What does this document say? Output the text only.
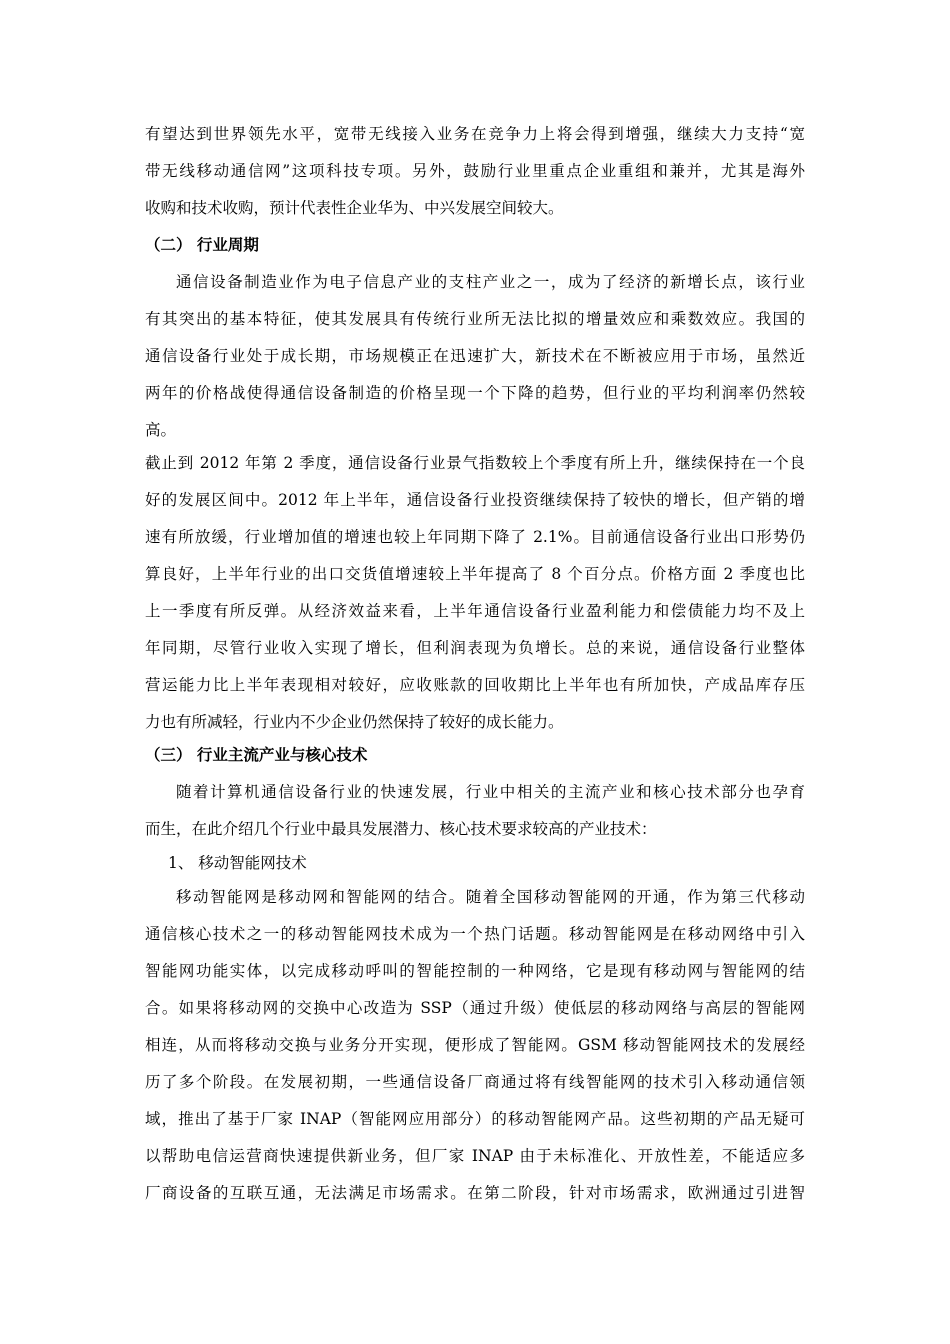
有望达到世界领先水平，宽带无线接入业务在竞争力上将会得到增强，继续大力支持“宽
带无线移动通信网”这项科技专项。另外，鼓励行业里重点企业重组和兼并，尤其是海外
收购和技术收购，预计代表性企业华为、中兴发展空间较大。
（二） 行业周期
通信设备制造业作为电子信息产业的支柱产业之一，成为了经济的新增长点，该行业
有其突出的基本特征，使其发展具有传统行业所无法比拟的增量效应和乘数效应。我国的
通信设备行业处于成长期，市场规模正在迅速扩大，新技术在不断被应用于市场，虽然近
两年的价格战使得通信设备制造的价格呈现一个下降的趋势，但行业的平均利润率仍然较
高。
截止到 2012 年第 2 季度，通信设备行业景气指数较上个季度有所上升，继续保持在一个良
好的发展区间中。2012 年上半年，通信设备行业投资继续保持了较快的增长，但产销的增
速有所放缓，行业增加值的增速也较上年同期下降了 2.1%。目前通信设备行业出口形势仍
算良好，上半年行业的出口交货值增速较上半年提高了 8 个百分点。价格方面 2 季度也比
上一季度有所反弹。从经济效益来看，上半年通信设备行业盈利能力和偿债能力均不及上
年同期，尽管行业收入实现了增长，但利润表现为负增长。总的来说，通信设备行业整体
营运能力比上半年表现相对较好，应收账款的回收期比上半年也有所加快，产成品库存压
力也有所减轻，行业内不少企业仍然保持了较好的成长能力。
（三） 行业主流产业与核心技术
随着计算机通信设备行业的快速发展，行业中相关的主流产业和核心技术部分也孕育
而生，在此介绍几个行业中最具发展潜力、核心技术要求较高的产业技术：
1、 移动智能网技术
移动智能网是移动网和智能网的结合。随着全国移动智能网的开通，作为第三代移动
通信核心技术之一的移动智能网技术成为一个热门话题。移动智能网是在移动网络中引入
智能网功能实体，以完成移动呼叫的智能控制的一种网络，它是现有移动网与智能网的结
合。如果将移动网的交换中心改造为 SSP（通过升级）使低层的移动网络与高层的智能网
相连，从而将移动交换与业务分开实现，便形成了智能网。GSM 移动智能网技术的发展经
历了多个阶段。在发展初期，一些通信设备厂商通过将有线智能网的技术引入移动通信领
域，推出了基于厂家 INAP（智能网应用部分）的移动智能网产品。这些初期的产品无疑可
以帮助电信运营商快速提供新业务，但厂家 INAP 由于未标准化、开放性差，不能适应多
厂商设备的互联互通，无法满足市场需求。在第二阶段，针对市场需求，欧洲通过引进智
